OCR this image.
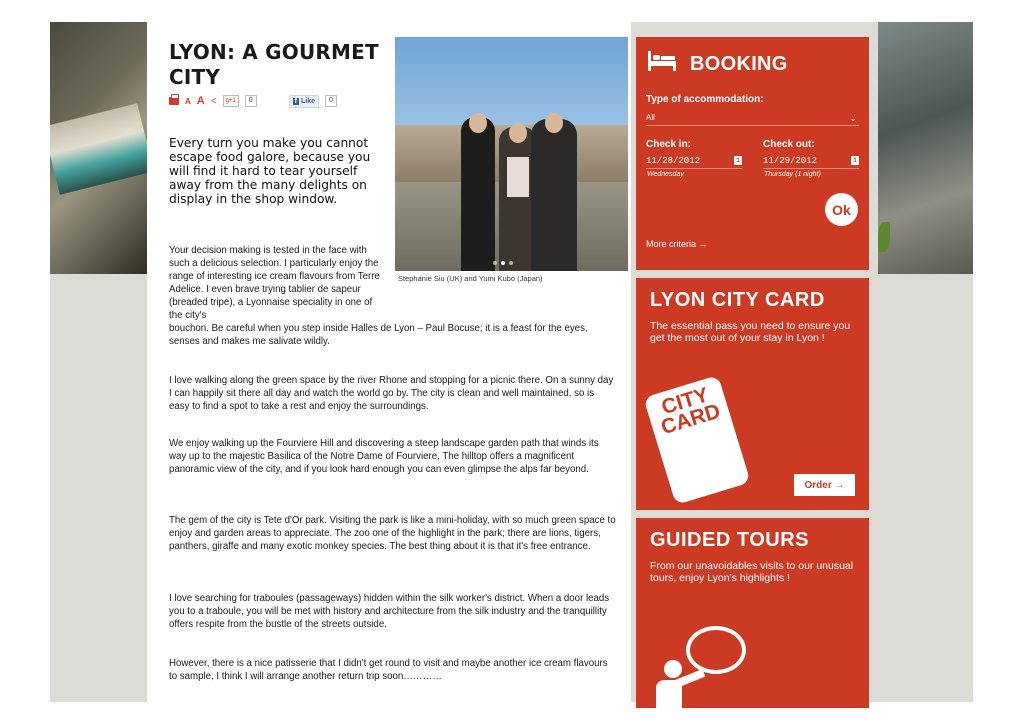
LYON: A GOURMET CITY
A A <	g+1	0	f Like	0
Stephanie Siu (UK) and Yumi Kubo (Japan)

Every turn you make you cannot escape food galore, because you will find it hard to tear yourself away from the many delights on display in the shop window.

Your decision making is tested in the face with such a delicious selection. I particularly enjoy the range of interesting ice cream flavours from Terre Adelice. I even brave trying tablier de sapeur (breaded tripe), a Lyonnaise speciality in one of the city's

bouchon. Be careful when you step inside Halles de Lyon – Paul Bocuse; it is a feast for the eyes, senses and makes me salivate wildly.

I love walking along the green space by the river Rhone and stopping for a picnic there. On a sunny day I can happily sit there all day and watch the world go by. The city is clean and well maintained, so is easy to find a spot to take a rest and enjoy the surroundings.

We enjoy walking up the Fourviere Hill and discovering a steep landscape garden path that winds its way up to the majestic Basilica of the Notre Dame of Fourviere, The hilltop offers a magnificent panoramic view of the city, and if you look hard enough you can even glimpse the alps far beyond.

The gem of the city is Tete d'Or park. Visiting the park is like a mini-holiday, with so much green space to enjoy and garden areas to appreciate. The zoo one of the highlight in the park; there are lions, tigers, panthers, giraffe and many exotic monkey species. The best thing about it is that it's free entrance.

I love searching for traboules (passageways) hidden within the silk worker's district. When a door leads you to a traboule, you will be met with history and architecture from the silk industry and the tranquillity offers respite from the bustle of the streets outside.

However, there is a nice patisserie that I didn't get round to visit and maybe another ice cream flavours to sample, I think I will arrange another return trip soon…………

BOOKING
Type of accommodation:
All	⌄
Check in:
11/28/2012	1
Wednesday
Check out:
11/29/2012	1
Thursday (1 night)
Ok
More criteria →
LYON CITY CARD

The essential pass you need to ensure you get the most out of your stay in Lyon !

CITY CARD
Order →
GUIDED TOURS

From our unavoidables visits to our unusual tours, enjoy Lyon's highlights !
